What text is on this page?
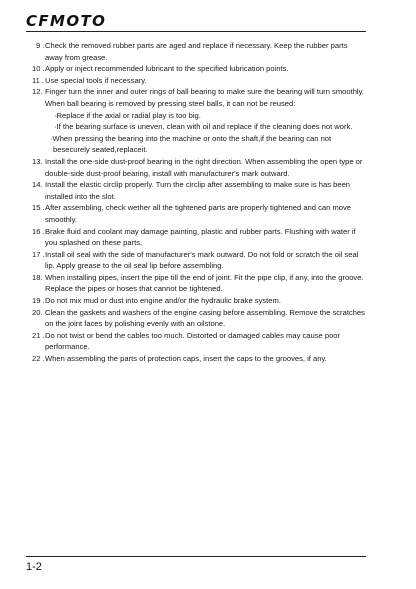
CFMOTO
9 . Check the removed rubber parts are aged and replace if necessary. Keep the rubber parts away from grease.
10 . Apply or inject recommended lubricant to the specified lubrication points.
11 . Use special tools if necessary.
12. Finger turn the inner and outer rings of ball bearing to make sure the bearing will turn smoothly. When ball bearing is removed by pressing steel balls, it can not be reused:
·Replace if the axial or radial play is too big.
·If the bearing surface is uneven, clean with oil and replace if the cleaning does not work.
·When pressing the bearing into the machine or onto the shaft,if the bearing can not besecurely seated,replaceit.
13. Install the one-side dust-proof bearing in the right direction. When assembling the open type or double-side dust-proof bearing, install with manufacturer's mark outward.
14. Install the elastic circlip properly. Turn the circlip after assembling to make sure is has been installed into the slot.
15 . After assembling, check wether all the tightened parts are properly tightened and can move smoothly.
16 . Brake fluid and coolant may damage painting, plastic and rubber parts. Flushing with water if you splashed on these parts.
17 . Install oil seal with the side of manufacturer's mark outward. Do not fold or scratch the oil seal lip. Apply grease to the oil seal lip before assembling.
18. When installing pipes, insert the pipe till the end of joint. Fit the pipe clip, if any, into the groove. Replace the pipes or hoses that cannot be tightened.
19 . Do not mix mud or dust into engine and/or the hydraulic brake system.
20. Clean the gaskets and washers of the engine casing before assembling. Remove the scratches on the joint faces by polishing evenly with an oilstone.
21 . Do not twist or bend the cables too much. Distorted or damaged cables may cause poor performance.
22 . When assembling the parts of protection caps, insert the caps to the grooves, if any.
1-2
